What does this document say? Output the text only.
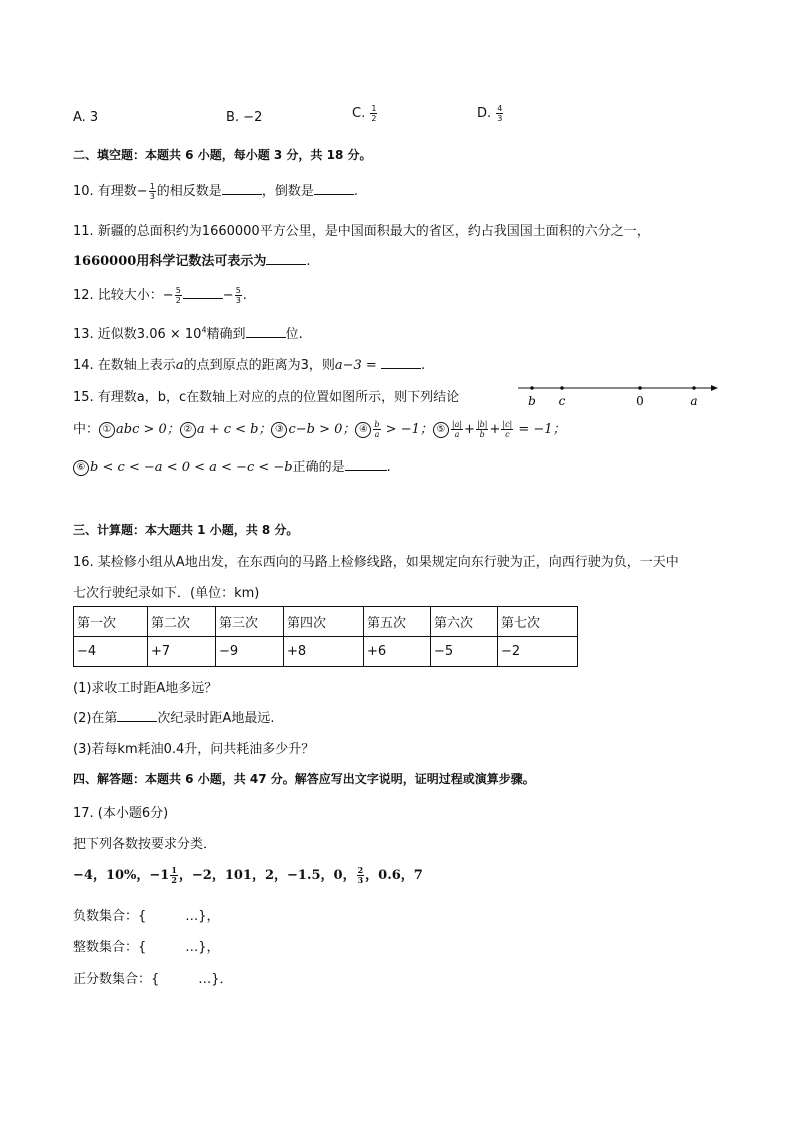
A. 3	B. −2	C. $\frac{1}{2}$	D. $\frac{4}{3}$
二、填空题：本题共 6 小题，每小题 3 分，共 18 分。
10. 有理数− $\frac{1}{3}$ 的相反数是	，倒数是	.
11. 新疆的总面积约为1660000平方公里，是中国面积最大的省区，约占我国国土面积的六分之一，
1660000用科学记数法可表示为	.
12. 比较大小：− $\frac{5}{2}$	− $\frac{5}{3}$ .
13. 近似数$3.06 \times 10^4$精确到	位.
14. 在数轴上表示a的点到原点的距离为3，则a−3 =	.
15. 有理数a，b，c在数轴上对应的点的位置如图所示，则下列结论	b c	0	a
中： ① abc > 0； ② a + c < b； ③ c−b > 0； ④ $\frac{b}{a} > -1$； ⑤ $\frac{|a|}{a} + \frac{|b|}{b} + \frac{|c|}{c} = -1$；
⑥ b < c < −a < 0 < a < −c < −b正确的是	.
三、计算题：本大题共 1 小题，共 8 分。
16. 某检修小组从A地出发，在东西向的马路上检修线路，如果规定向东行驶为正，向西行驶为负，一天中
七次行驶纪录如下．(单位：km)
第一次	第二次	第三次	第四次	第五次	第六次	第七次
−4	+7	−9	+8	+6	−5	−2
(1)求收工时距A地多远？
(2)在第	次纪录时距A地最远.
(3)若每km耗油0.4升，问共耗油多少升？
四、解答题：本题共 6 小题，共 47 分。解答应写出文字说明，证明过程或演算步骤。
17. (本小题6分)
把下列各数按要求分类．
−4，10%，$-1 \frac{1}{2}$ ，−2，101，2，−1.5，0， $\frac{2}{3}$ ，0.6，7
负数集合：{　　　…}，
整数集合：{　　　…}，
正分数集合：{　　　…}．
